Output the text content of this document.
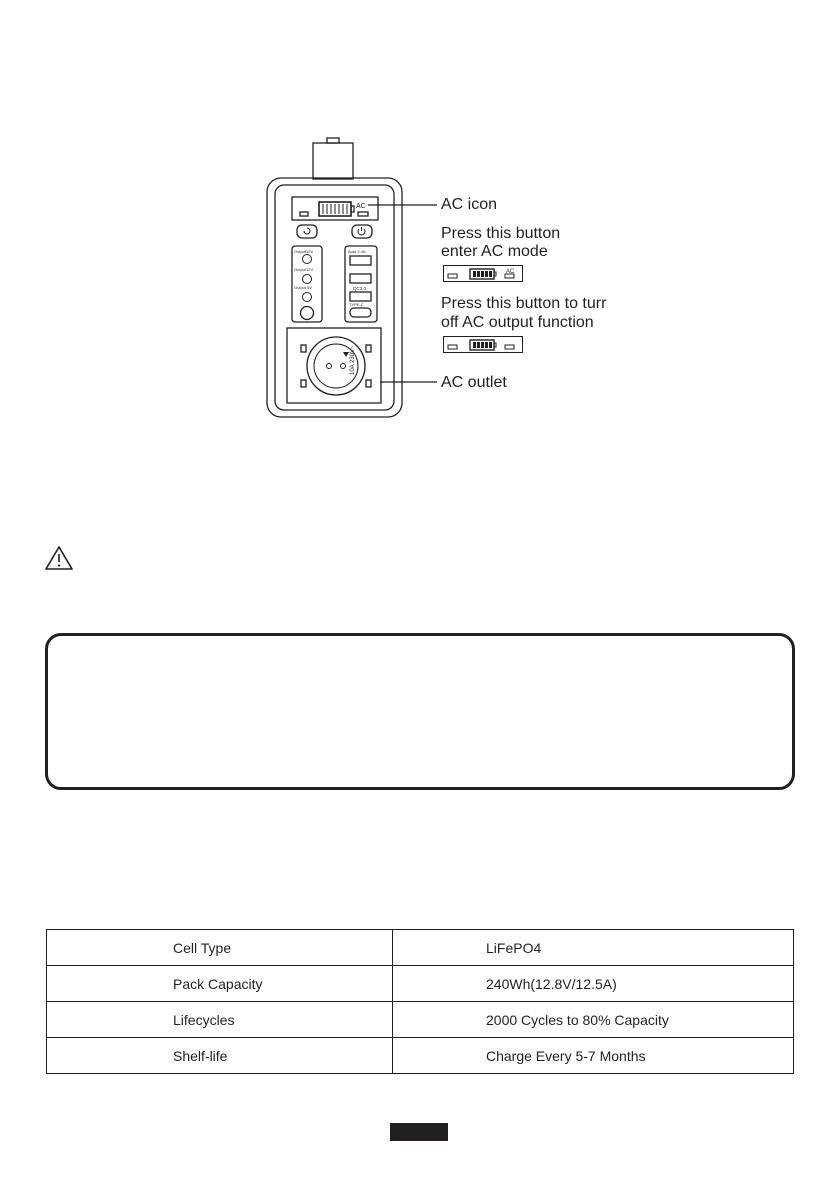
AC
Output12V
Output12V
Output 5V
Auto 2.4A
QC3.0
TYPE-C
10A 230V~
AC icon
Press this button
enter AC mode
Press this button to turr
off AC output function
AC outlet
AC
Cell Type	LiFePO4
Pack Capacity	240Wh(12.8V/12.5A)
Lifecycles	2000 Cycles to 80% Capacity
Shelf-life	Charge Every 5-7 Months
